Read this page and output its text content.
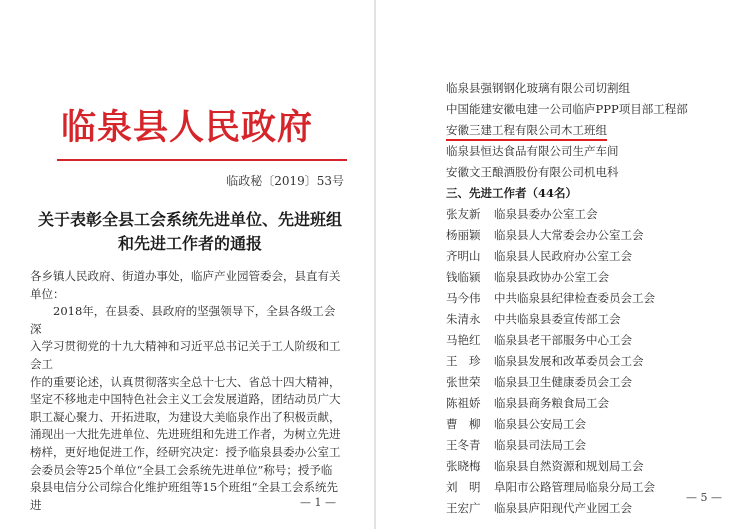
临泉县人民政府
临政秘〔2019〕53号
关于表彰全县工会系统先进单位、先进班组
和先进工作者的通报

各乡镇人民政府、街道办事处，临庐产业园管委会，县直有关

单位：

　　2018年，在县委、县政府的坚强领导下，全县各级工会深

入学习贯彻党的十九大精神和习近平总书记关于工人阶级和工会工

作的重要论述，认真贯彻落实全总十七大、省总十四大精神，

坚定不移地走中国特色社会主义工会发展道路，团结动员广大

职工凝心聚力、开拓进取，为建设大美临泉作出了积极贡献，

涌现出一大批先进单位、先进班组和先进工作者，为树立先进

榜样，更好地促进工作，经研究决定：授予临泉县委办公室工

会委员会等25个单位“全县工会系统先进单位”称号；授予临

泉县电信分公司综合化维护班组等15个班组“全县工会系统先进	— 1 —
临泉县强钢钢化玻璃有限公司切割组
中国能建安徽电建一公司临庐PPP项目部工程部
安徽三建工程有限公司木工班组
临泉县恒达食品有限公司生产车间
安徽文王酿酒股份有限公司机电科
三、先进工作者（44名）
张友新 临泉县委办公室工会
杨丽颖 临泉县人大常委会办公室工会
齐明山 临泉县人民政府办公室工会
钱临颍 临泉县政协办公室工会
马今伟 中共临泉县纪律检查委员会工会
朱清永 中共临泉县委宣传部工会
马艳红 临泉县老干部服务中心工会
王　珍 临泉县发展和改革委员会工会
张世荣 临泉县卫生健康委员会工会
陈祖娇 临泉县商务粮食局工会
曹　柳 临泉县公安局工会
王冬青 临泉县司法局工会
张晓梅 临泉县自然资源和规划局工会
刘　明 阜阳市公路管理局临泉分局工会
王宏广 临泉县庐阳现代产业园工会
— 5 —
